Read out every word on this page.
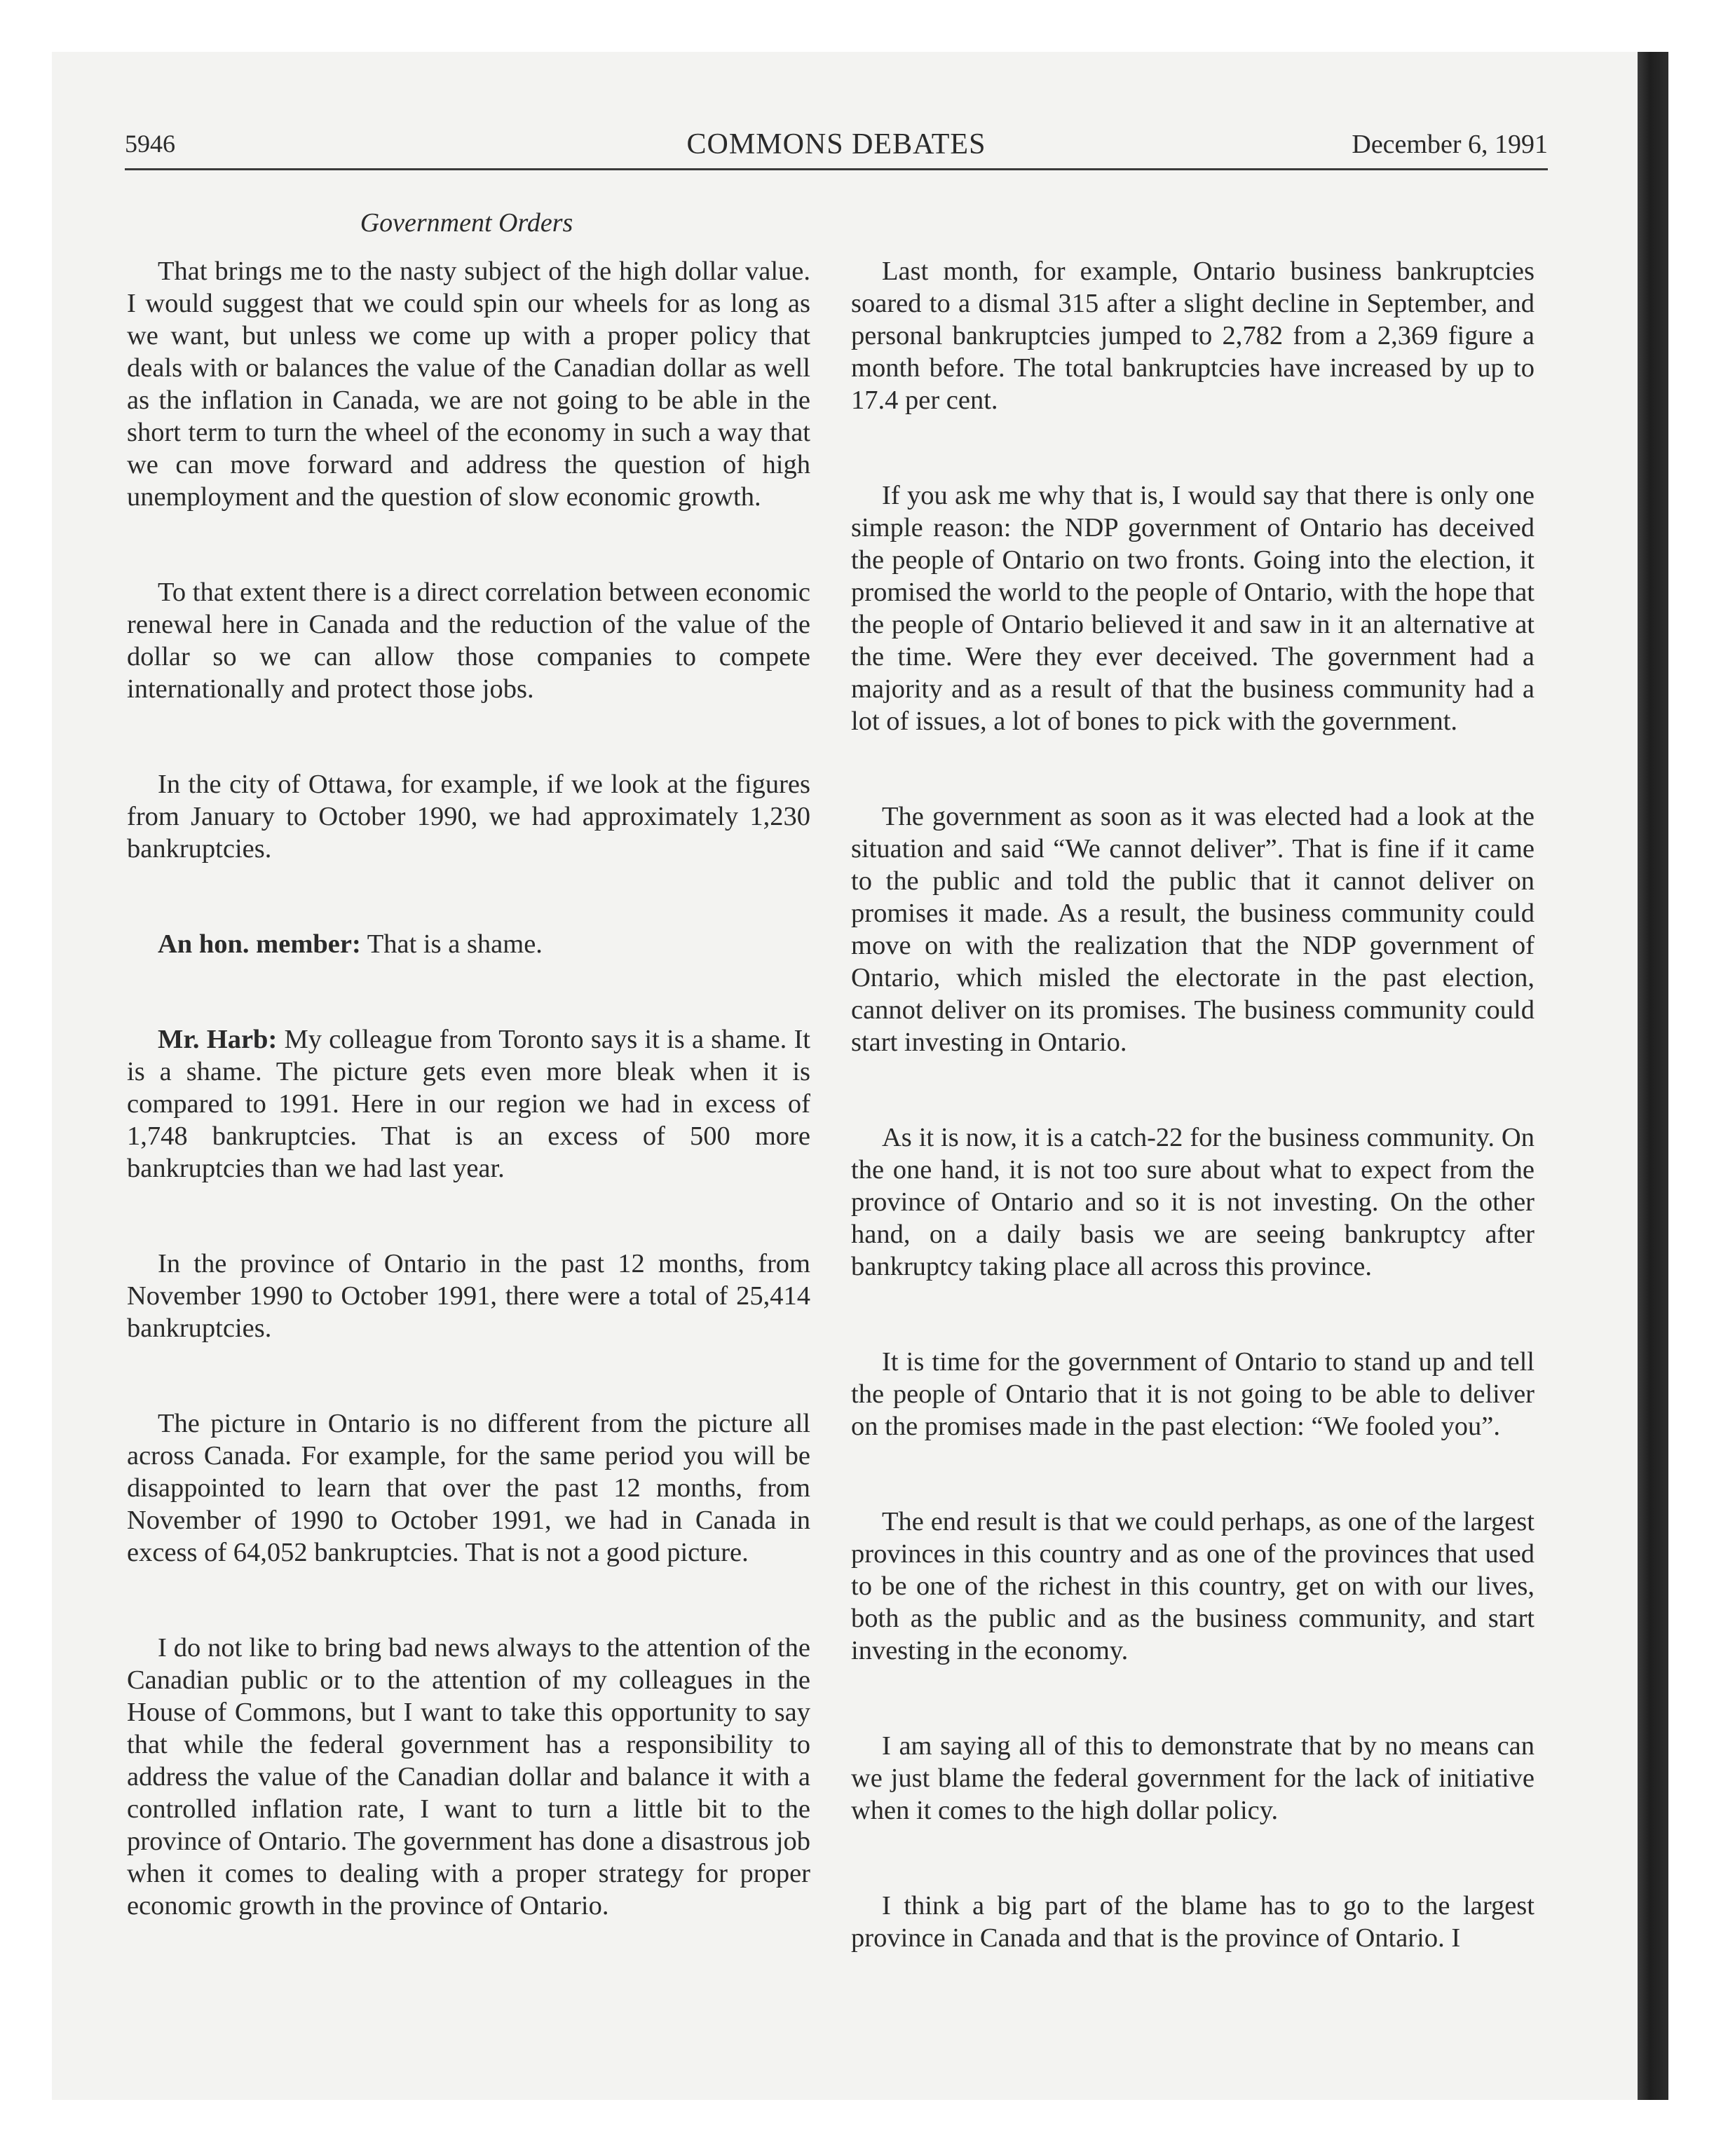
5946	COMMONS DEBATES	December 6, 1991
Government Orders

That brings me to the nasty subject of the high dollar value. I would suggest that we could spin our wheels for as long as we want, but unless we come up with a proper policy that deals with or balances the value of the Canadian dollar as well as the inflation in Canada, we are not going to be able in the short term to turn the wheel of the economy in such a way that we can move forward and address the question of high unemployment and the question of slow economic growth.

To that extent there is a direct correlation between economic renewal here in Canada and the reduction of the value of the dollar so we can allow those companies to compete internationally and protect those jobs.

In the city of Ottawa, for example, if we look at the figures from January to October 1990, we had approximately 1,230 bankruptcies.

An hon. member: That is a shame.

Mr. Harb: My colleague from Toronto says it is a shame. It is a shame. The picture gets even more bleak when it is compared to 1991. Here in our region we had in excess of 1,748 bankruptcies. That is an excess of 500 more bankruptcies than we had last year.

In the province of Ontario in the past 12 months, from November 1990 to October 1991, there were a total of 25,414 bankruptcies.

The picture in Ontario is no different from the picture all across Canada. For example, for the same period you will be disappointed to learn that over the past 12 months, from November of 1990 to October 1991, we had in Canada in excess of 64,052 bankruptcies. That is not a good picture.

I do not like to bring bad news always to the attention of the Canadian public or to the attention of my colleagues in the House of Commons, but I want to take this opportunity to say that while the federal government has a responsibility to address the value of the Canadian dollar and balance it with a controlled inflation rate, I want to turn a little bit to the province of Ontario. The government has done a disastrous job when it comes to dealing with a proper strategy for proper economic growth in the province of Ontario.

Last month, for example, Ontario business bankruptcies soared to a dismal 315 after a slight decline in September, and personal bankruptcies jumped to 2,782 from a 2,369 figure a month before. The total bankruptcies have increased by up to 17.4 per cent.

If you ask me why that is, I would say that there is only one simple reason: the NDP government of Ontario has deceived the people of Ontario on two fronts. Going into the election, it promised the world to the people of Ontario, with the hope that the people of Ontario believed it and saw in it an alternative at the time. Were they ever deceived. The government had a majority and as a result of that the business community had a lot of issues, a lot of bones to pick with the government.

The government as soon as it was elected had a look at the situation and said “We cannot deliver”. That is fine if it came to the public and told the public that it cannot deliver on promises it made. As a result, the business community could move on with the realization that the NDP government of Ontario, which misled the electorate in the past election, cannot deliver on its promises. The business community could start investing in Ontario.

As it is now, it is a catch-22 for the business community. On the one hand, it is not too sure about what to expect from the province of Ontario and so it is not investing. On the other hand, on a daily basis we are seeing bankruptcy after bankruptcy taking place all across this province.

It is time for the government of Ontario to stand up and tell the people of Ontario that it is not going to be able to deliver on the promises made in the past election: “We fooled you”.

The end result is that we could perhaps, as one of the largest provinces in this country and as one of the provinces that used to be one of the richest in this country, get on with our lives, both as the public and as the business community, and start investing in the economy.

I am saying all of this to demonstrate that by no means can we just blame the federal government for the lack of initiative when it comes to the high dollar policy.

I think a big part of the blame has to go to the largest province in Canada and that is the province of Ontario. I
